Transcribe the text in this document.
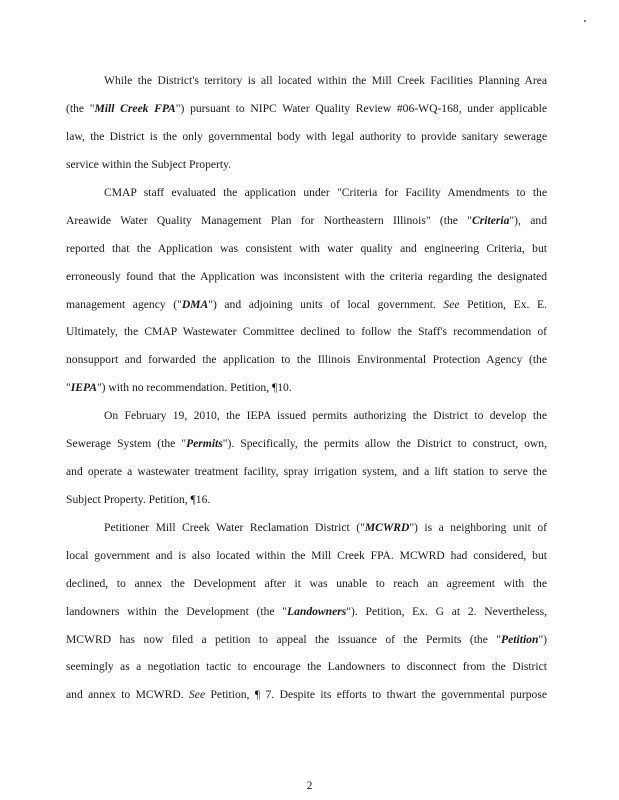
While the District's territory is all located within the Mill Creek Facilities Planning Area
(the "Mill Creek FPA") pursuant to NIPC Water Quality Review #06-WQ-168, under applicable
law, the District is the only governmental body with legal authority to provide sanitary sewerage
service within the Subject Property.
CMAP staff evaluated the application under "Criteria for Facility Amendments to the
Areawide Water Quality Management Plan for Northeastern Illinois" (the "Criteria"), and
reported that the Application was consistent with water quality and engineering Criteria, but
erroneously found that the Application was inconsistent with the criteria regarding the designated
management agency ("DMA") and adjoining units of local government. See Petition, Ex. E.
Ultimately, the CMAP Wastewater Committee declined to follow the Staff's recommendation of
nonsupport and forwarded the application to the Illinois Environmental Protection Agency (the
"IEPA") with no recommendation. Petition, ¶10.
On February 19, 2010, the IEPA issued permits authorizing the District to develop the
Sewerage System (the "Permits"). Specifically, the permits allow the District to construct, own,
and operate a wastewater treatment facility, spray irrigation system, and a lift station to serve the
Subject Property. Petition, ¶16.
Petitioner Mill Creek Water Reclamation District ("MCWRD") is a neighboring unit of
local government and is also located within the Mill Creek FPA. MCWRD had considered, but
declined, to annex the Development after it was unable to reach an agreement with the
landowners within the Development (the "Landowners"). Petition, Ex. G at 2. Nevertheless,
MCWRD has now filed a petition to appeal the issuance of the Permits (the "Petition")
seemingly as a negotiation tactic to encourage the Landowners to disconnect from the District
and annex to MCWRD. See Petition, ¶ 7. Despite its efforts to thwart the governmental purpose
2
